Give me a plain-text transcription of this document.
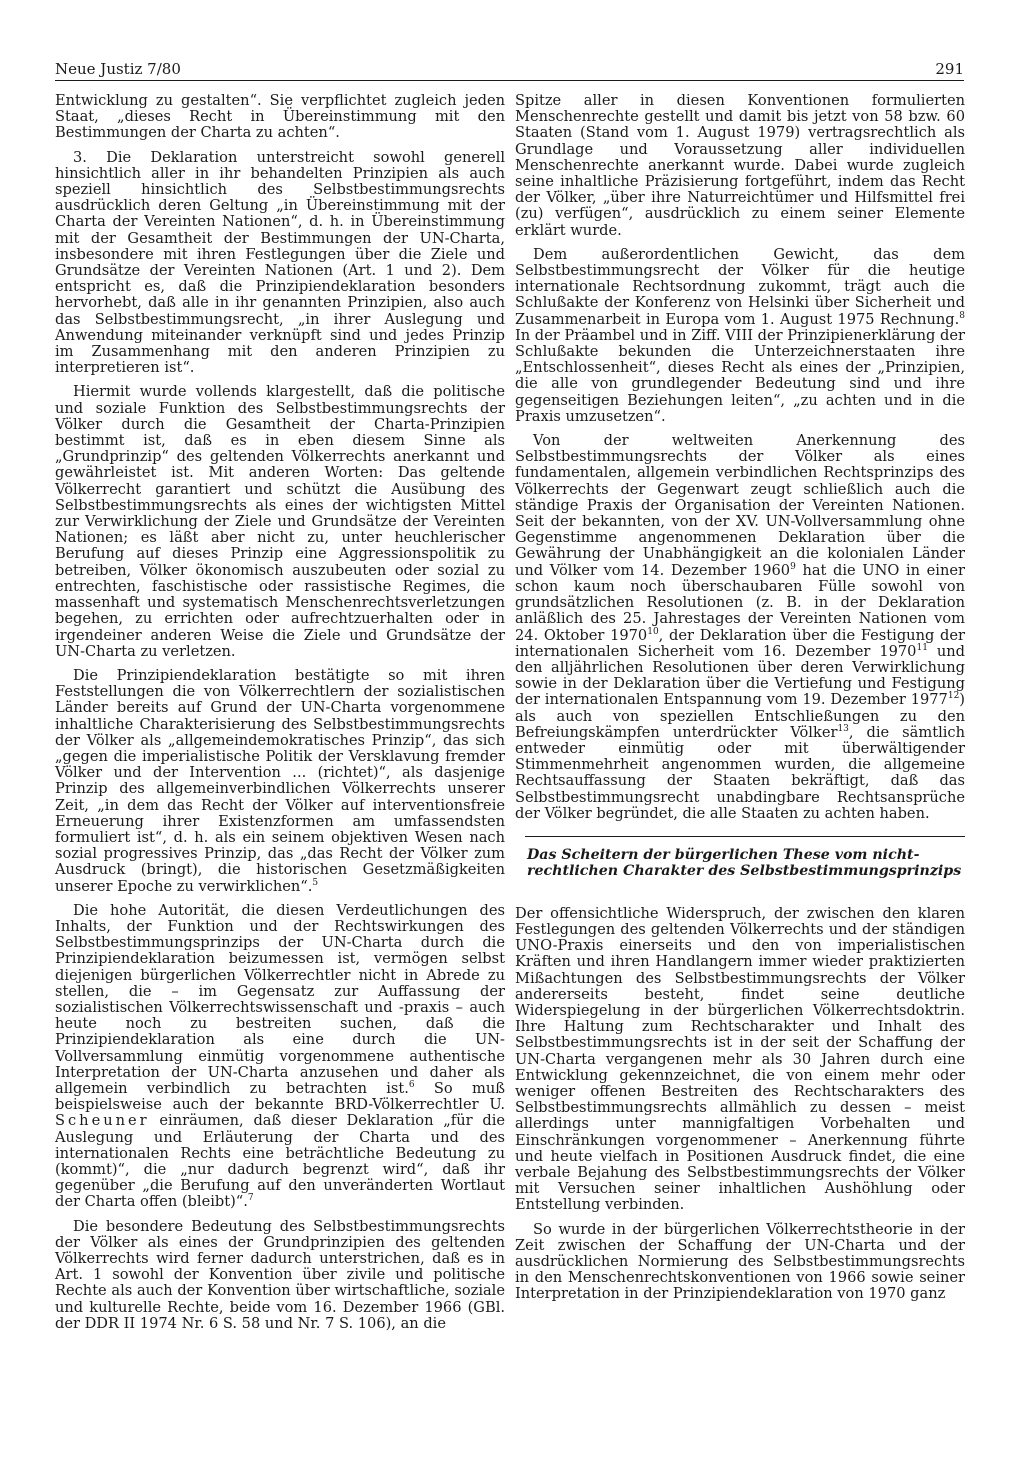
Neue Justiz 7/80	291

Entwicklung zu gestalten“. Sie verpflichtet zugleich jeden Staat, „dieses Recht in Übereinstimmung mit den Bestimmungen der Charta zu achten“.

3. Die Deklaration unterstreicht sowohl generell hinsichtlich aller in ihr behandelten Prinzipien als auch speziell hinsichtlich des Selbstbestimmungsrechts ausdrücklich deren Geltung „in Übereinstimmung mit der Charta der Vereinten Nationen“, d. h. in Übereinstimmung mit der Gesamtheit der Bestimmungen der UN-Charta, insbesondere mit ihren Festlegungen über die Ziele und Grundsätze der Vereinten Nationen (Art. 1 und 2). Dem entspricht es, daß die Prinzipiendeklaration besonders hervorhebt, daß alle in ihr genannten Prinzipien, also auch das Selbstbestimmungsrecht, „in ihrer Auslegung und Anwendung miteinander verknüpft sind und jedes Prinzip im Zusammenhang mit den anderen Prinzipien zu interpretieren ist“.

Hiermit wurde vollends klargestellt, daß die politische und soziale Funktion des Selbstbestimmungsrechts der Völker durch die Gesamtheit der Charta-Prinzipien bestimmt ist, daß es in eben diesem Sinne als „Grundprinzip“ des geltenden Völkerrechts anerkannt und gewährleistet ist. Mit anderen Worten: Das geltende Völkerrecht garantiert und schützt die Ausübung des Selbstbestimmungsrechts als eines der wichtigsten Mittel zur Verwirklichung der Ziele und Grundsätze der Vereinten Nationen; es läßt aber nicht zu, unter heuchlerischer Berufung auf dieses Prinzip eine Aggressionspolitik zu betreiben, Völker ökonomisch auszubeuten oder sozial zu entrechten, faschistische oder rassistische Regimes, die massenhaft und systematisch Menschenrechtsverletzungen begehen, zu errichten oder aufrechtzuerhalten oder in irgendeiner anderen Weise die Ziele und Grundsätze der UN-Charta zu verletzen.

Die Prinzipiendeklaration bestätigte so mit ihren Feststellungen die von Völkerrechtlern der sozialistischen Länder bereits auf Grund der UN-Charta vorgenommene inhaltliche Charakterisierung des Selbstbestimmungsrechts der Völker als „allgemeindemokratisches Prinzip“, das sich „gegen die imperialistische Politik der Versklavung fremder Völker und der Intervention ... (richtet)“, als dasjenige Prinzip des allgemeinverbindlichen Völkerrechts unserer Zeit, „in dem das Recht der Völker auf interventionsfreie Erneuerung ihrer Existenzformen am umfassendsten formuliert ist“, d. h. als ein seinem objektiven Wesen nach sozial progressives Prinzip, das „das Recht der Völker zum Ausdruck (bringt), die historischen Gesetzmäßigkeiten unserer Epoche zu verwirklichen“.$^5$

Die hohe Autorität, die diesen Verdeutlichungen des Inhalts, der Funktion und der Rechtswirkungen des Selbstbestimmungsprinzips der UN-Charta durch die Prinzipiendeklaration beizumessen ist, vermögen selbst diejenigen bürgerlichen Völkerrechtler nicht in Abrede zu stellen, die – im Gegensatz zur Auffassung der sozialistischen Völkerrechtswissenschaft und -praxis – auch heute noch zu bestreiten suchen, daß die Prinzipiendeklaration als eine durch die UN-Vollversammlung einmütig vorgenommene authentische Interpretation der UN-Charta anzusehen und daher als allgemein verbindlich zu betrachten ist.$^6$ So muß beispielsweise auch der bekannte BRD-Völkerrechtler U. Scheuner einräumen, daß dieser Deklaration „für die Auslegung und Erläuterung der Charta und des internationalen Rechts eine beträchtliche Bedeutung zu (kommt)“, die „nur dadurch begrenzt wird“, daß ihr gegenüber „die Berufung auf den unveränderten Wortlaut der Charta offen (bleibt)“.$^7$

Die besondere Bedeutung des Selbstbestimmungsrechts der Völker als eines der Grundprinzipien des geltenden Völkerrechts wird ferner dadurch unterstrichen, daß es in Art. 1 sowohl der Konvention über zivile und politische Rechte als auch der Konvention über wirtschaftliche, soziale und kulturelle Rechte, beide vom 16. Dezember 1966 (GBl. der DDR II 1974 Nr. 6 S. 58 und Nr. 7 S. 106), an die

Spitze aller in diesen Konventionen formulierten Menschenrechte gestellt und damit bis jetzt von 58 bzw. 60 Staaten (Stand vom 1. August 1979) vertragsrechtlich als Grundlage und Voraussetzung aller individuellen Menschenrechte anerkannt wurde. Dabei wurde zugleich seine inhaltliche Präzisierung fortgeführt, indem das Recht der Völker, „über ihre Naturreichtümer und Hilfsmittel frei (zu) verfügen“, ausdrücklich zu einem seiner Elemente erklärt wurde.

Dem außerordentlichen Gewicht, das dem Selbstbestimmungsrecht der Völker für die heutige internationale Rechtsordnung zukommt, trägt auch die Schlußakte der Konferenz von Helsinki über Sicherheit und Zusammenarbeit in Europa vom 1. August 1975 Rechnung.$^8$ In der Präambel und in Ziff. VIII der Prinzipienerklärung der Schlußakte bekunden die Unterzeichnerstaaten ihre „Entschlossenheit“, dieses Recht als eines der „Prinzipien, die alle von grundlegender Bedeutung sind und ihre gegenseitigen Beziehungen leiten“, „zu achten und in die Praxis umzusetzen“.

Von der weltweiten Anerkennung des Selbstbestimmungsrechts der Völker als eines fundamentalen, allgemein verbindlichen Rechtsprinzips des Völkerrechts der Gegenwart zeugt schließlich auch die ständige Praxis der Organisation der Vereinten Nationen. Seit der bekannten, von der XV. UN-Vollversammlung ohne Gegenstimme angenommenen Deklaration über die Gewährung der Unabhängigkeit an die kolonialen Länder und Völker vom 14. Dezember 1960$^9$ hat die UNO in einer schon kaum noch überschaubaren Fülle sowohl von grundsätzlichen Resolutionen (z. B. in der Deklaration anläßlich des 25. Jahrestages der Vereinten Nationen vom 24. Oktober 1970$^{10}$, der Deklaration über die Festigung der internationalen Sicherheit vom 16. Dezember 1970$^{11}$ und den alljährlichen Resolutionen über deren Verwirklichung sowie in der Deklaration über die Vertiefung und Festigung der internationalen Entspannung vom 19. Dezember 1977$^{12}$) als auch von speziellen Entschließungen zu den Befreiungskämpfen unterdrückter Völker$^{13}$, die sämtlich entweder einmütig oder mit überwältigender Stimmenmehrheit angenommen wurden, die allgemeine Rechtsauffassung der Staaten bekräftigt, daß das Selbstbestimmungsrecht unabdingbare Rechtsansprüche der Völker begründet, die alle Staaten zu achten haben.

Das Scheitern der bürgerlichen These vom nicht-rechtlichen Charakter des Selbstbestimmungsprinzips

Der offensichtliche Widerspruch, der zwischen den klaren Festlegungen des geltenden Völkerrechts und der ständigen UNO-Praxis einerseits und den von imperialistischen Kräften und ihren Handlangern immer wieder praktizierten Mißachtungen des Selbstbestimmungsrechts der Völker andererseits besteht, findet seine deutliche Widerspiegelung in der bürgerlichen Völkerrechtsdoktrin. Ihre Haltung zum Rechtscharakter und Inhalt des Selbstbestimmungsrechts ist in der seit der Schaffung der UN-Charta vergangenen mehr als 30 Jahren durch eine Entwicklung gekennzeichnet, die von einem mehr oder weniger offenen Bestreiten des Rechtscharakters des Selbstbestimmungsrechts allmählich zu dessen – meist allerdings unter mannigfaltigen Vorbehalten und Einschränkungen vorgenommener – Anerkennung führte und heute vielfach in Positionen Ausdruck findet, die eine verbale Bejahung des Selbstbestimmungsrechts der Völker mit Versuchen seiner inhaltlichen Aushöhlung oder Entstellung verbinden.

So wurde in der bürgerlichen Völkerrechtstheorie in der Zeit zwischen der Schaffung der UN-Charta und der ausdrücklichen Normierung des Selbstbestimmungsrechts in den Menschenrechtskonventionen von 1966 sowie seiner Interpretation in der Prinzipiendeklaration von 1970 ganz
